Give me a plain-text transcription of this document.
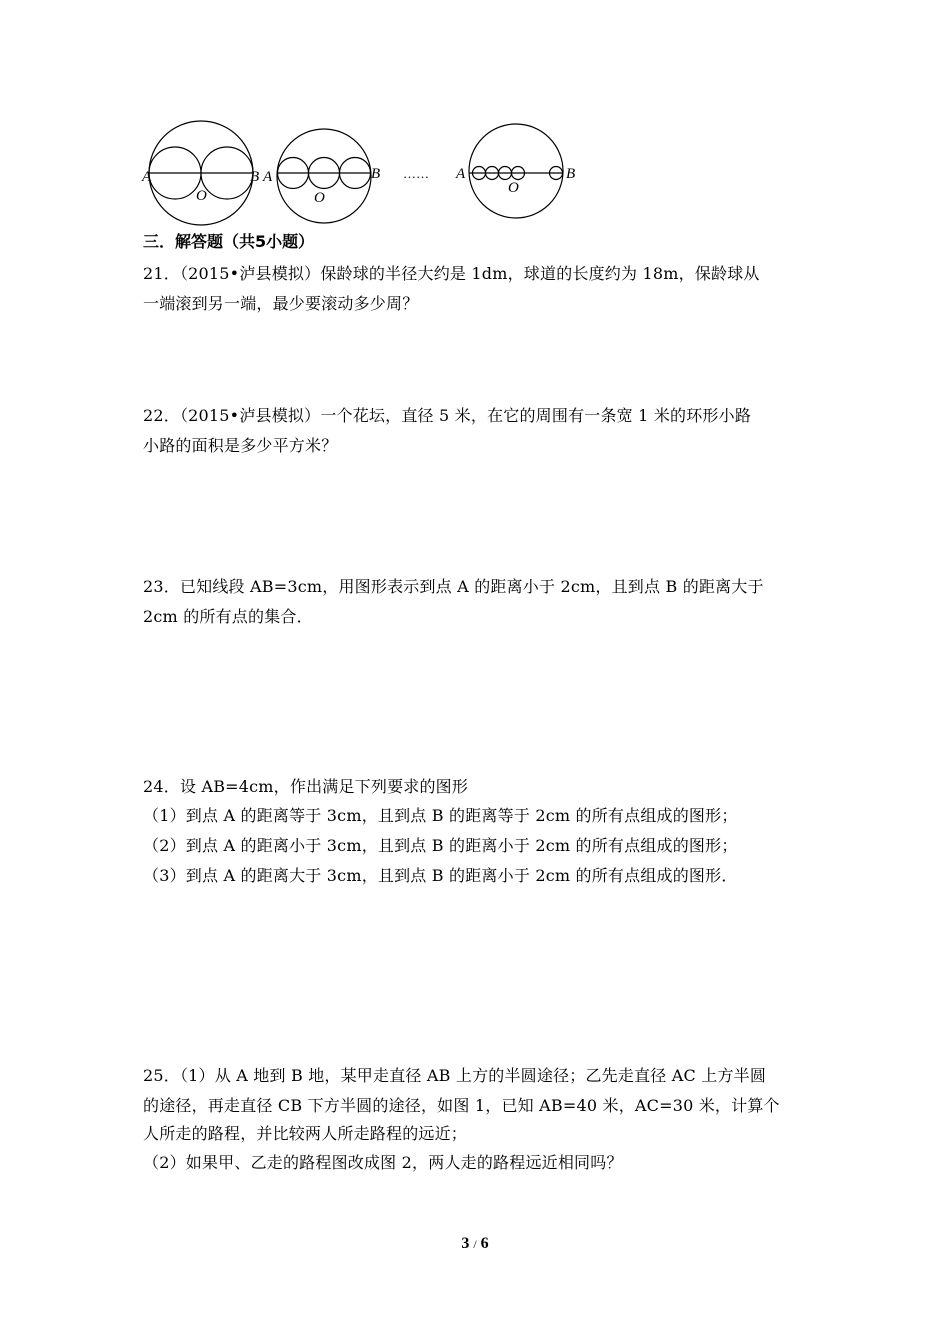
A
O
B A
O
B …… A
O
B
三．解答题（共5小题）
21．（2015•泸县模拟）保龄球的半径大约是 1dm，球道的长度约为 18m，保龄球从
一端滚到另一端，最少要滚动多少周？
22．（2015•泸县模拟）一个花坛，直径 5 米，在它的周围有一条宽 1 米的环形小路
小路的面积是多少平方米？
23．已知线段 AB=3cm，用图形表示到点 A 的距离小于 2cm，且到点 B 的距离大于
2cm 的所有点的集合．
24．设 AB=4cm，作出满足下列要求的图形
（1）到点 A 的距离等于 3cm，且到点 B 的距离等于 2cm 的所有点组成的图形；
（2）到点 A 的距离小于 3cm，且到点 B 的距离小于 2cm 的所有点组成的图形；
（3）到点 A 的距离大于 3cm，且到点 B 的距离小于 2cm 的所有点组成的图形．
25．（1）从 A 地到 B 地，某甲走直径 AB 上方的半圆途径；乙先走直径 AC 上方半圆
的途径，再走直径 CB 下方半圆的途径，如图 1，已知 AB=40 米，AC=30 米，计算个
人所走的路程，并比较两人所走路程的远近；
（2）如果甲、乙走的路程图改成图 2，两人走的路程远近相同吗？
3 / 6
